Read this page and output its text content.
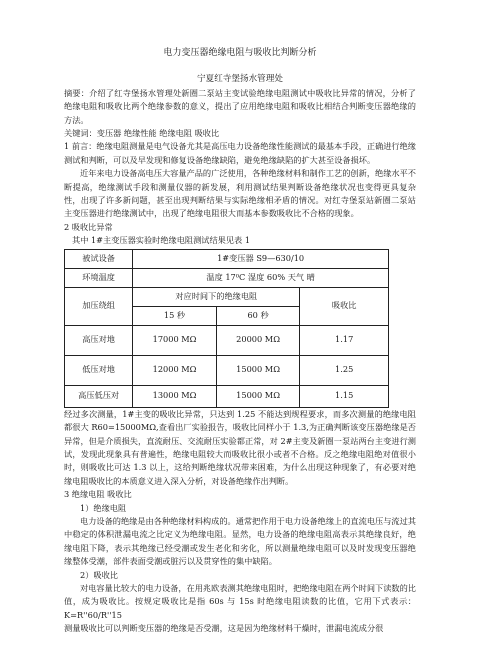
电力变压器绝缘电阻与吸收比判断分析
宁夏红寺堡扬水管理处

摘要：介绍了红寺堡扬水管理处新圈二泵站主变试验绝缘电阻测试中吸收比异常的情况，分析了绝缘电阻和吸收比两个绝缘参数的意义，提出了应用绝缘电阻和吸收比相结合判断变压器绝缘的方法。

关键词：变压器 绝缘性能 绝缘电阻 吸收比

1 前言：绝缘电阻测量是电气设备尤其是高压电力设备绝缘性能测试的最基本手段，正确进行绝缘测试和判断，可以及早发现和修复设备绝缘缺陷，避免绝缘缺陷的扩大甚至设备损坏。

近年来电力设备高电压大容量产品的广泛使用，各种绝缘材料和制作工艺的创新，绝缘水平不断提高，绝缘测试手段和测量仪器的新发展，利用测试结果判断设备绝缘状况也变得更具复杂性，出现了许多新问题，甚至出现判断结果与实际绝缘相矛盾的情况。对红寺堡泵站新圈二泵站主变压器进行绝缘测试中，出现了绝缘电阻很大而基本参数吸收比不合格的现象。

2 吸收比异常

其中 1#主变压器实验时绝缘电阻测试结果见表 1

被试设备	1#变压器 S9—630/10		
环境温度	温度 17⁰C 湿度 60% 天气 晴		
加压绕组	对应时间下的绝缘电阻		吸收比
	15 秒	60 秒	
高压对地	17000 MΩ	20000 MΩ	1.17
低压对地	12000 MΩ	15000 MΩ	1.25
高压低压对	13000 MΩ	15000 MΩ	1.15

经过多次测量，1#主变的吸收比异常，只达到 1.25 不能达到规程要求，而多次测量的绝缘电阻都很大 R60=15000MΩ,查看出厂实验报告，吸收比同样小于 1.3,为正确判断该变压器绝缘是否异常，但是介质损失，直流耐压、交流耐压实验都正常，对 2#主变及新圈一泵站两台主变进行测试，发现此现象具有普遍性，绝缘电阻较大而吸收比很小或者不合格。反之绝缘电阻绝对值很小时，则吸收比可达 1.3 以上，这给判断绝缘状况带来困难，为什么出现这种现象了，有必要对绝缘电阻吸收比的本质意义进入深入分析，对设备绝缘作出判断。

3 绝缘电阻 吸收比

1）绝缘电阻

电力设备的绝缘是由各种绝缘材料构成的。通常把作用于电力设备绝缘上的直流电压与流过其中稳定的体积泄漏电流之比定义为绝缘电阻。显然，电力设备的绝缘电阻高表示其绝缘良好，绝缘电阻下降，表示其绝缘已经受潮或发生老化和劣化，所以测量绝缘电阻可以及时发现变压器绝缘整体受潮，部件表面受潮或脏污以及贯穿性的集中缺陷。

2）吸收比

对电容量比较大的电力设备，在用兆欧表测其绝缘电阻时，把绝缘电阻在两个时间下读数的比值，成为吸收比。按规定吸收比是指 60s 与 15s 时绝缘电阻读数的比值，它用下式表示：K=R''60/R''15

测量吸收比可以判断变压器的绝缘是否受潮，这是因为绝缘材料干燥时，泄漏电流成分很
